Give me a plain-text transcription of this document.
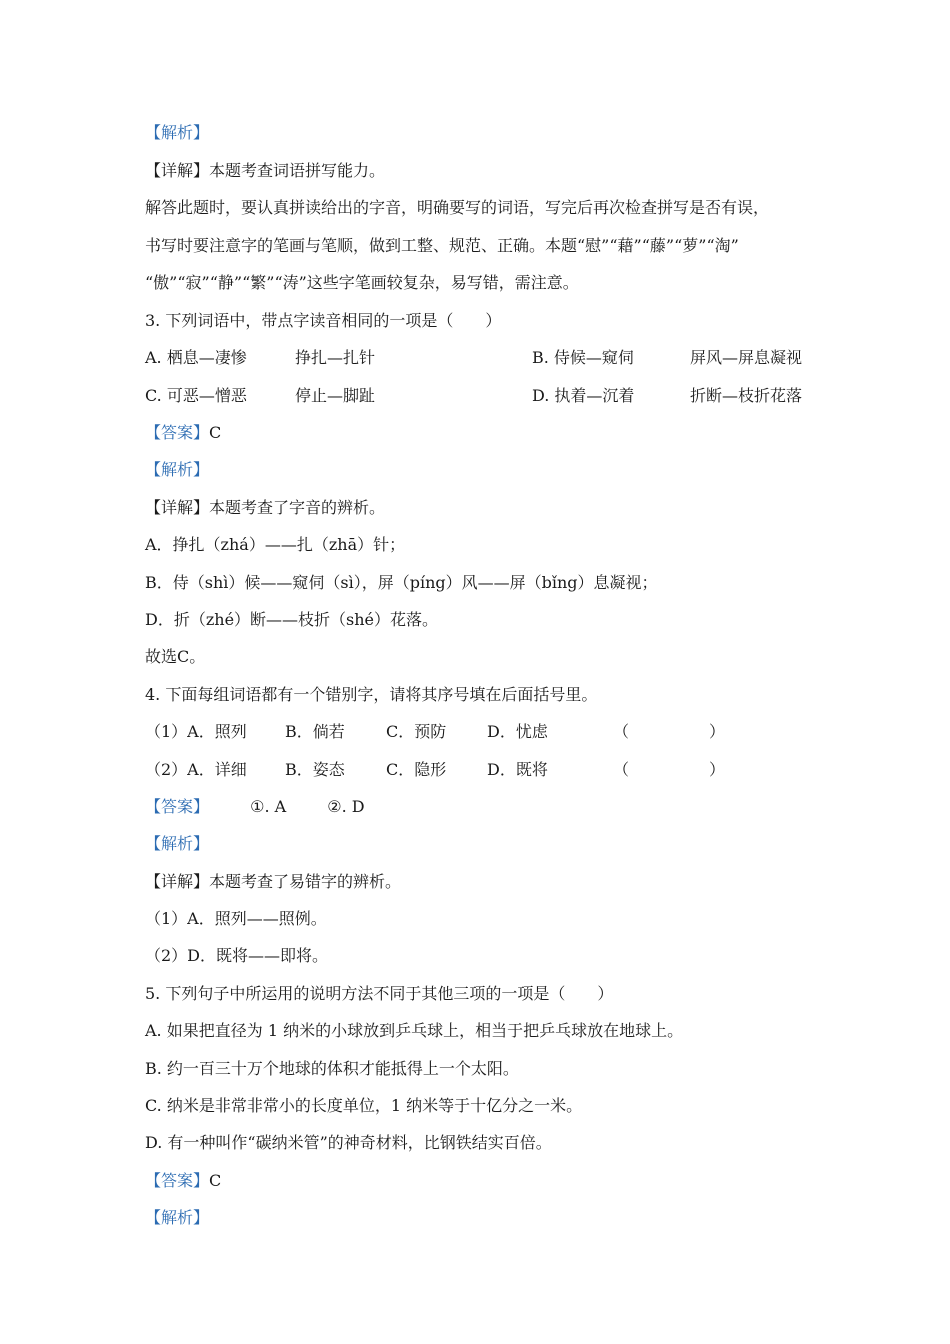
【解析】
【详解】本题考查词语拼写能力。
解答此题时，要认真拼读给出的字音，明确要写的词语，写完后再次检查拼写是否有误，
书写时要注意字的笔画与笔顺，做到工整、规范、正确。本题“慰”“藉”“藤”“萝”“淘”
“傲”“寂”“静”“繁”“涛”这些字笔画较复杂，易写错，需注意。
3. 下列词语中，带点字读音相同的一项是（　　）
A. 栖息—凄惨	挣扎—扎针	B. 侍候—窥伺	屏风—屏息凝视
C. 可恶—憎恶	停止—脚趾	D. 执着—沉着	折断—枝折花落
【答案】C
【解析】
【详解】本题考查了字音的辨析。
A．挣扎（zhá）——扎（zhā）针；
B．侍（shì）候——窥伺（sì），屏（píng）风——屏（bǐng）息凝视；
D．折（zhé）断——枝折（shé）花落。
故选C。
4. 下面每组词语都有一个错别字，请将其序号填在后面括号里。
（1）A．照列 B．倘若	C．预防	D．忧虑	（　　　　　）
（2）A．详细 B．姿态	C．隐形	D．既将	（　　　　　）
【答案】	①. A	②. D
【解析】
【详解】本题考查了易错字的辨析。
（1）A．照列——照例。
（2）D．既将——即将。
5. 下列句子中所运用的说明方法不同于其他三项的一项是（　　）
A. 如果把直径为 1 纳米的小球放到乒乓球上，相当于把乒乓球放在地球上。
B. 约一百三十万个地球的体积才能抵得上一个太阳。
C. 纳米是非常非常小的长度单位，1 纳米等于十亿分之一米。
D. 有一种叫作“碳纳米管”的神奇材料，比钢铁结实百倍。
【答案】C
【解析】
